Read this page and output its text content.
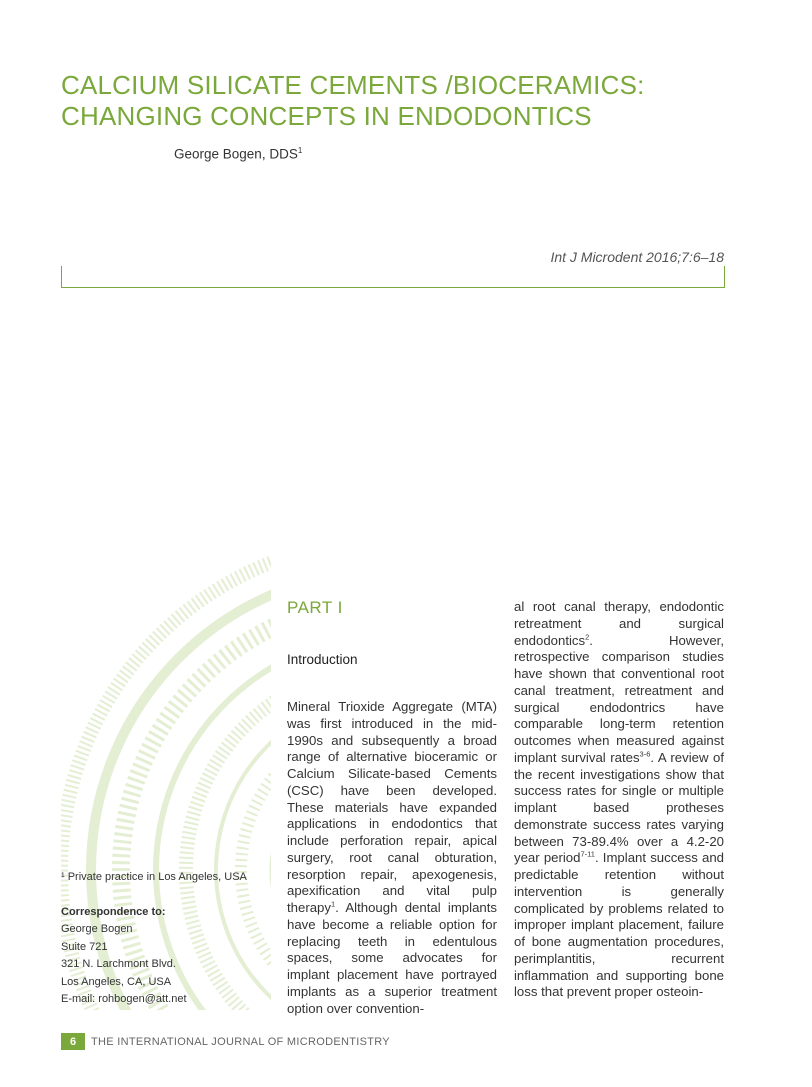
CALCIUM SILICATE CEMENTS /BIOCERAMICS:
CHANGING CONCEPTS IN ENDODONTICS
George Bogen, DDS$^1$
Int J Microdent 2016;7:6–18
¹ Private practice in Los Angeles, USA
Correspondence to:
George Bogen
Suite 721
321 N. Larchmont Blvd.
Los Angeles, CA, USA
E-mail: rohbogen@att.net
PART I
Introduction

Mineral Trioxide Aggregate (MTA) was first introduced in the mid-1990s and subsequently a broad range of alternative bioceramic or Calcium Silicate-based Cements (CSC) have been developed. These materials have expanded applications in endodontics that include perforation repair, apical surgery, root canal obturation, resorption repair, apexogenesis, apexification and vital pulp therapy$^1$. Although dental implants have become a reliable option for replacing teeth in edentulous spaces, some advocates for implant placement have portrayed implants as a superior treatment option over convention-

al root canal therapy, endodontic retreatment and surgical endodontics$^2$. However, retrospective comparison studies have shown that conventional root canal treatment, retreatment and surgical endodontrics have comparable long-term retention outcomes when measured against implant survival rates$^{3-6}$. A review of the recent investigations show that success rates for single or multiple implant based protheses demonstrate success rates varying between 73-89.4% over a 4.2-20 year period$^{7-11}$. Implant success and predictable retention without intervention is generally complicated by problems related to improper implant placement, failure of bone augmentation procedures, perimplantitis, recurrent inflammation and supporting bone loss that prevent proper osteoin-

6	THE INTERNATIONAL JOURNAL OF MICRODENTISTRY
